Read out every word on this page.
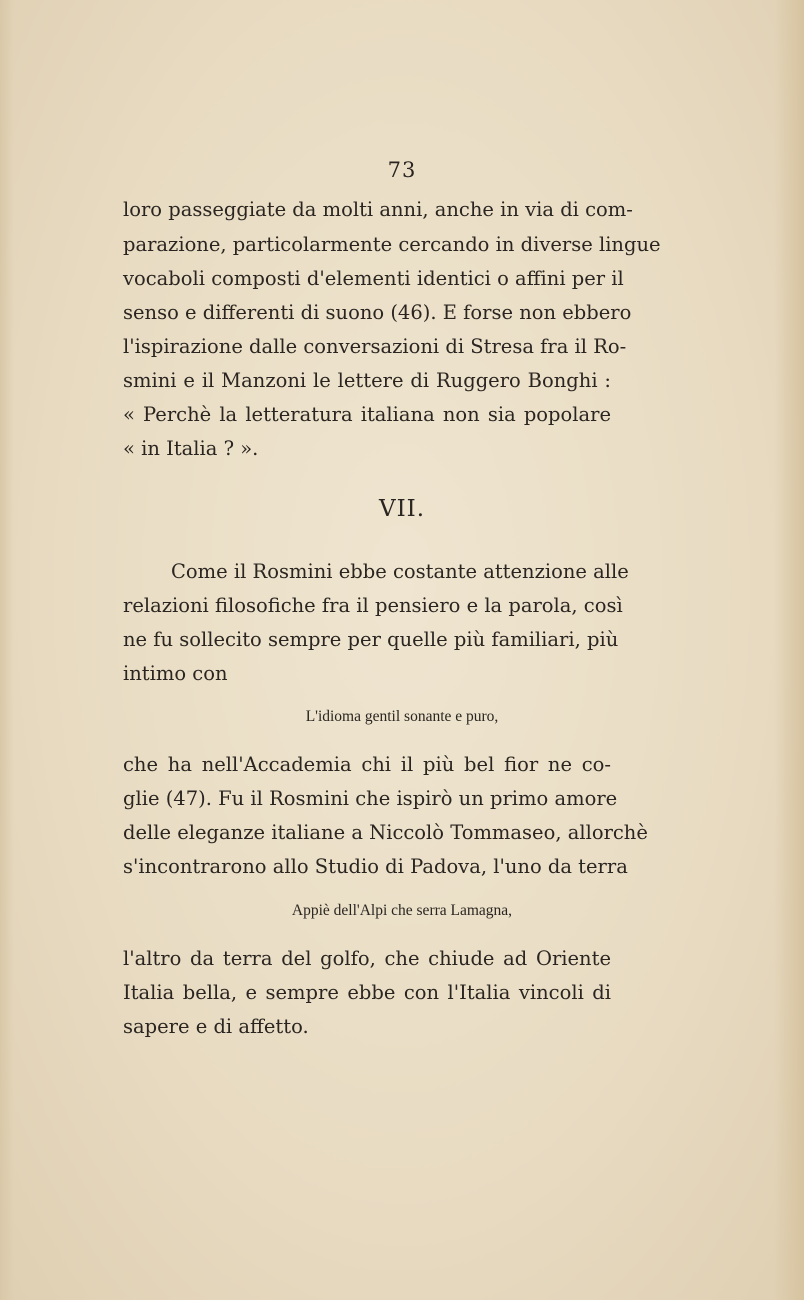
73
loro passeggiate da molti anni, anche in via di com-
parazione, particolarmente cercando in diverse lingue
vocaboli composti d'elementi identici o affini per il
senso e differenti di suono (46). E forse non ebbero
l'ispirazione dalle conversazioni di Stresa fra il Ro-
smini e il Manzoni le lettere di Ruggero Bonghi :
« Perchè la letteratura italiana non sia popolare
« in Italia ? ».
VII.
Come il Rosmini ebbe costante attenzione alle
relazioni filosofiche fra il pensiero e la parola, così
ne fu sollecito sempre per quelle più familiari, più
intimo con
L'idioma gentil sonante e puro,
che ha nell'Accademia chi il più bel fior ne co-
glie (47). Fu il Rosmini che ispirò un primo amore
delle eleganze italiane a Niccolò Tommaseo, allorchè
s'incontrarono allo Studio di Padova, l'uno da terra
Appiè dell'Alpi che serra Lamagna,
l'altro da terra del golfo, che chiude ad Oriente
Italia bella, e sempre ebbe con l'Italia vincoli di
sapere e di affetto.
